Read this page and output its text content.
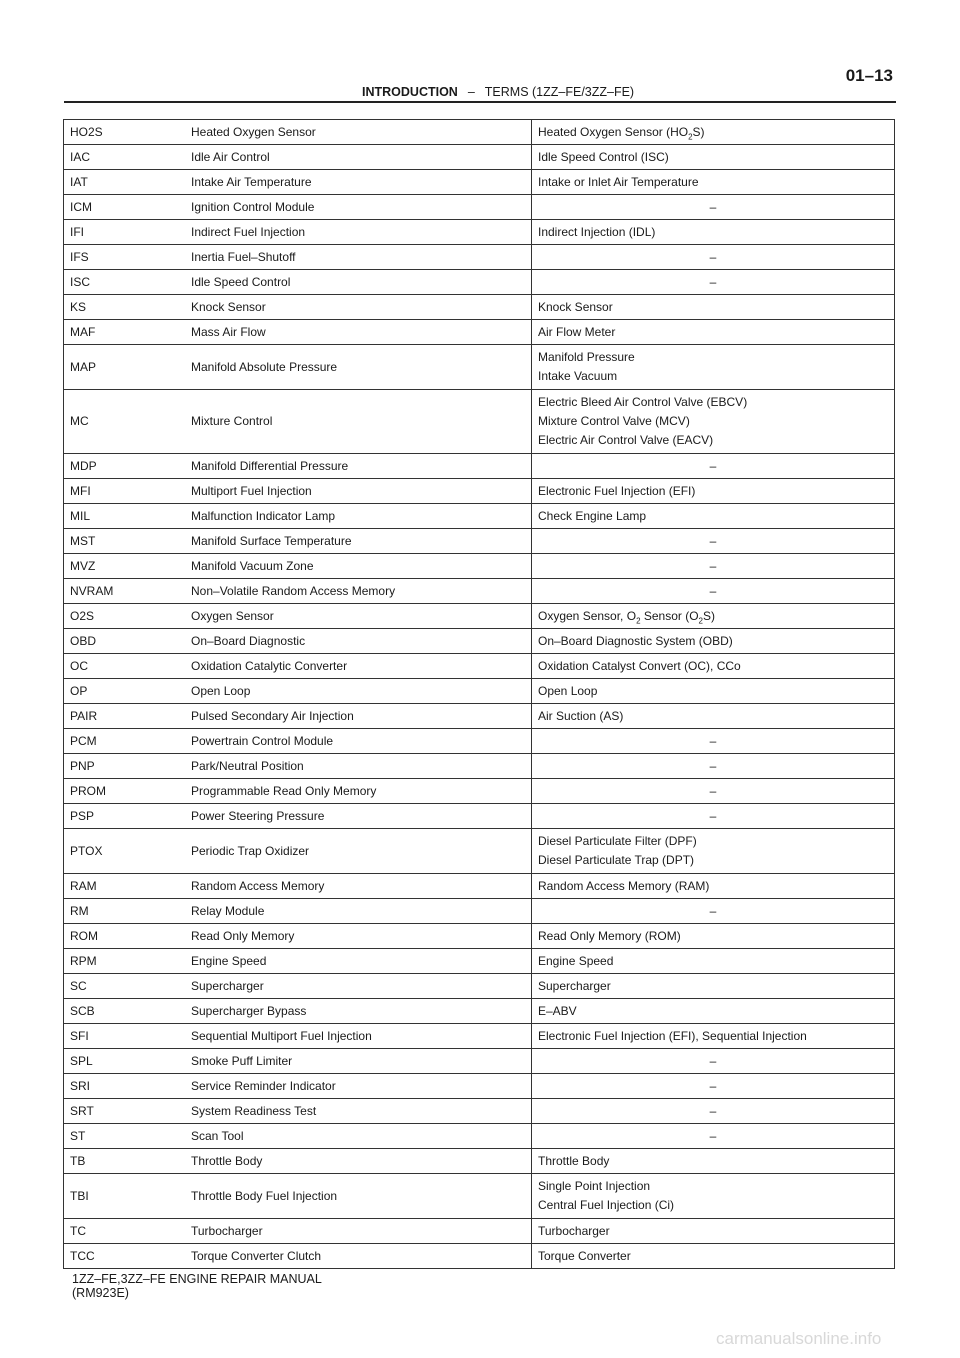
INTRODUCTION – TERMS (1ZZ–FE/3ZZ–FE)
01–13
HO2S	Heated Oxygen Sensor	Heated Oxygen Sensor $(HO_2S)$

IAC	Idle Air Control	Idle Speed Control (ISC)

IAT	Intake Air Temperature	Intake or Inlet Air Temperature

ICM	Ignition Control Module	–

IFI	Indirect Fuel Injection	Indirect Injection (IDL)

IFS	Inertia Fuel–Shutoff	–

ISC	Idle Speed Control	–

KS	Knock Sensor	Knock Sensor

MAF	Mass Air Flow	Air Flow Meter

MAP	Manifold Absolute Pressure	Manifold Pressure
Intake Vacuum

MC	Mixture Control	Electric Bleed Air Control Valve (EBCV)
Mixture Control Valve (MCV)
Electric Air Control Valve (EACV)

MDP	Manifold Differential Pressure	–

MFI	Multiport Fuel Injection	Electronic Fuel Injection (EFI)

MIL	Malfunction Indicator Lamp	Check Engine Lamp

MST	Manifold Surface Temperature	–

MVZ	Manifold Vacuum Zone	–

NVRAM	Non–Volatile Random Access Memory	–

O2S	Oxygen Sensor	Oxygen Sensor, $O_2$ Sensor $(O_2S)$

OBD	On–Board Diagnostic	On–Board Diagnostic System (OBD)

OC	Oxidation Catalytic Converter	Oxidation Catalyst Convert (OC), CCo

OP	Open Loop	Open Loop

PAIR	Pulsed Secondary Air Injection	Air Suction (AS)

PCM	Powertrain Control Module	–

PNP	Park/Neutral Position	–

PROM	Programmable Read Only Memory	–

PSP	Power Steering Pressure	–

PTOX	Periodic Trap Oxidizer	Diesel Particulate Filter (DPF)
Diesel Particulate Trap (DPT)

RAM	Random Access Memory	Random Access Memory (RAM)

RM	Relay Module	–

ROM	Read Only Memory	Read Only Memory (ROM)

RPM	Engine Speed	Engine Speed

SC	Supercharger	Supercharger

SCB	Supercharger Bypass	E–ABV

SFI	Sequential Multiport Fuel Injection	Electronic Fuel Injection (EFI), Sequential Injection

SPL	Smoke Puff Limiter	–

SRI	Service Reminder Indicator	–

SRT	System Readiness Test	–

ST	Scan Tool	–

TB	Throttle Body	Throttle Body

TBI	Throttle Body Fuel Injection	Single Point Injection
Central Fuel Injection (Ci)

TC	Turbocharger	Turbocharger

TCC	Torque Converter Clutch	Torque Converter
1ZZ–FE,3ZZ–FE ENGINE REPAIR MANUAL
(RM923E)
carmanualsonline.info
